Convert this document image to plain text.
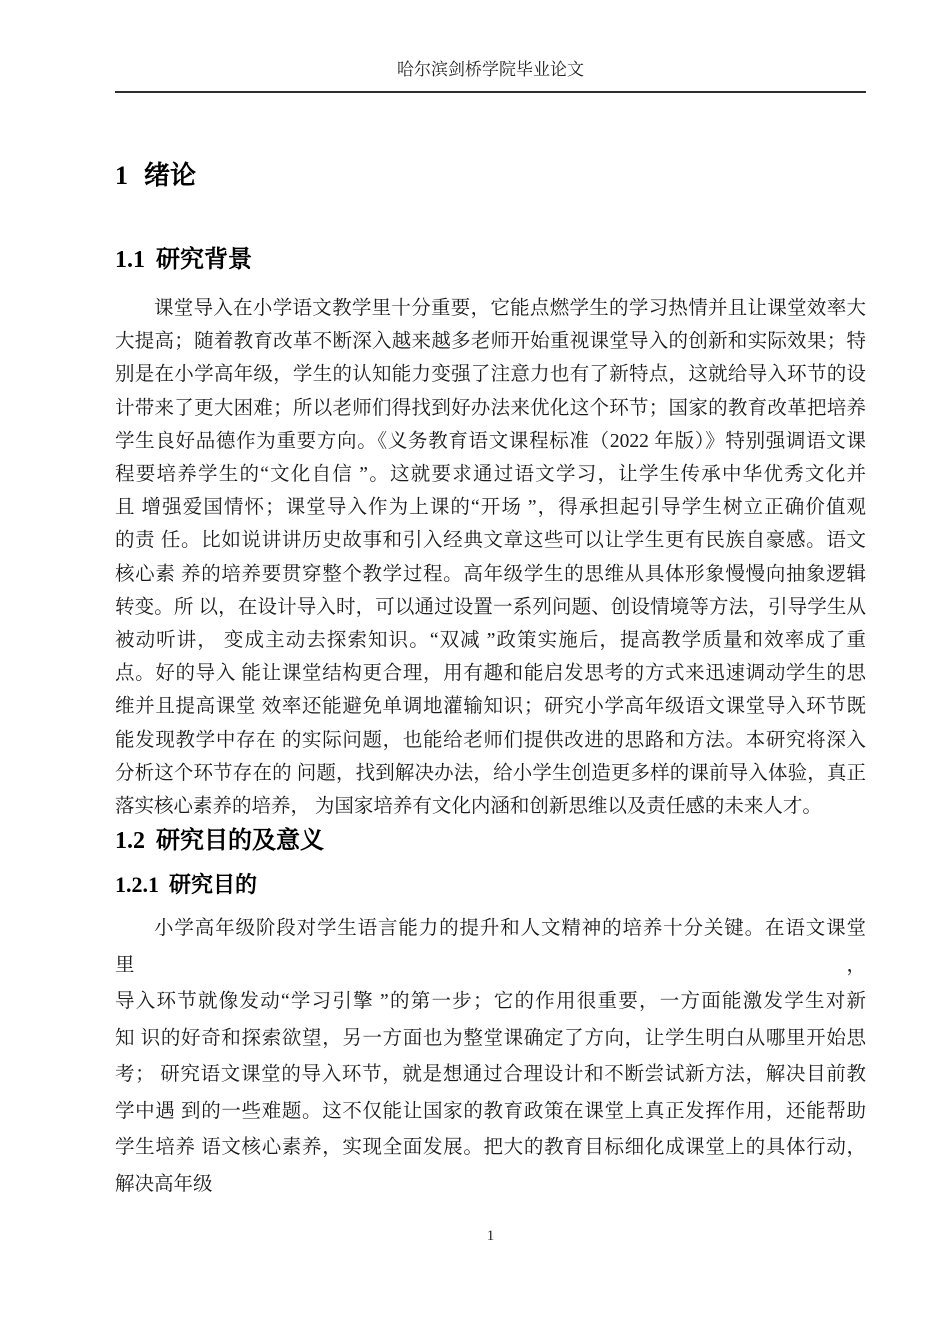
哈尔滨剑桥学院毕业论文
1 绪论
1.1 研究背景
课堂导入在小学语文教学里十分重要，它能点燃学生的学习热情并且让课堂效率大
大提高；随着教育改革不断深入越来越多老师开始重视课堂导入的创新和实际效果；特
别是在小学高年级，学生的认知能力变强了注意力也有了新特点，这就给导入环节的设
计带来了更大困难；所以老师们得找到好办法来优化这个环节；国家的教育改革把培养
学生良好品德作为重要方向。《义务教育语文课程标准（2022 年版）》特别强调语文课
程要培养学生的“文化自信 ”。这就要求通过语文学习，让学生传承中华优秀文化并
且 增强爱国情怀；课堂导入作为上课的“开场 ”，得承担起引导学生树立正确价值观
的责 任。比如说讲讲历史故事和引入经典文章这些可以让学生更有民族自豪感。语文
核心素 养的培养要贯穿整个教学过程。高年级学生的思维从具体形象慢慢向抽象逻辑
转变。所 以，在设计导入时，可以通过设置一系列问题、创设情境等方法，引导学生从
被动听讲， 变成主动去探索知识。“双减 ”政策实施后，提高教学质量和效率成了重
点。好的导入 能让课堂结构更合理，用有趣和能启发思考的方式来迅速调动学生的思
维并且提高课堂 效率还能避免单调地灌输知识；研究小学高年级语文课堂导入环节既
能发现教学中存在 的实际问题，也能给老师们提供改进的思路和方法。本研究将深入
分析这个环节存在的 问题，找到解决办法，给小学生创造更多样的课前导入体验，真正
落实核心素养的培养， 为国家培养有文化内涵和创新思维以及责任感的未来人才。
1.2 研究目的及意义
1.2.1 研究目的
小学高年级阶段对学生语言能力的提升和人文精神的培养十分关键。在语文课堂里，
导入环节就像发动“学习引擎 ”的第一步；它的作用很重要，一方面能激发学生对新
知 识的好奇和探索欲望，另一方面也为整堂课确定了方向，让学生明白从哪里开始思
考； 研究语文课堂的导入环节，就是想通过合理设计和不断尝试新方法，解决目前教
学中遇 到的一些难题。这不仅能让国家的教育政策在课堂上真正发挥作用，还能帮助
学生培养 语文核心素养，实现全面发展。把大的教育目标细化成课堂上的具体行动，
解决高年级
1
